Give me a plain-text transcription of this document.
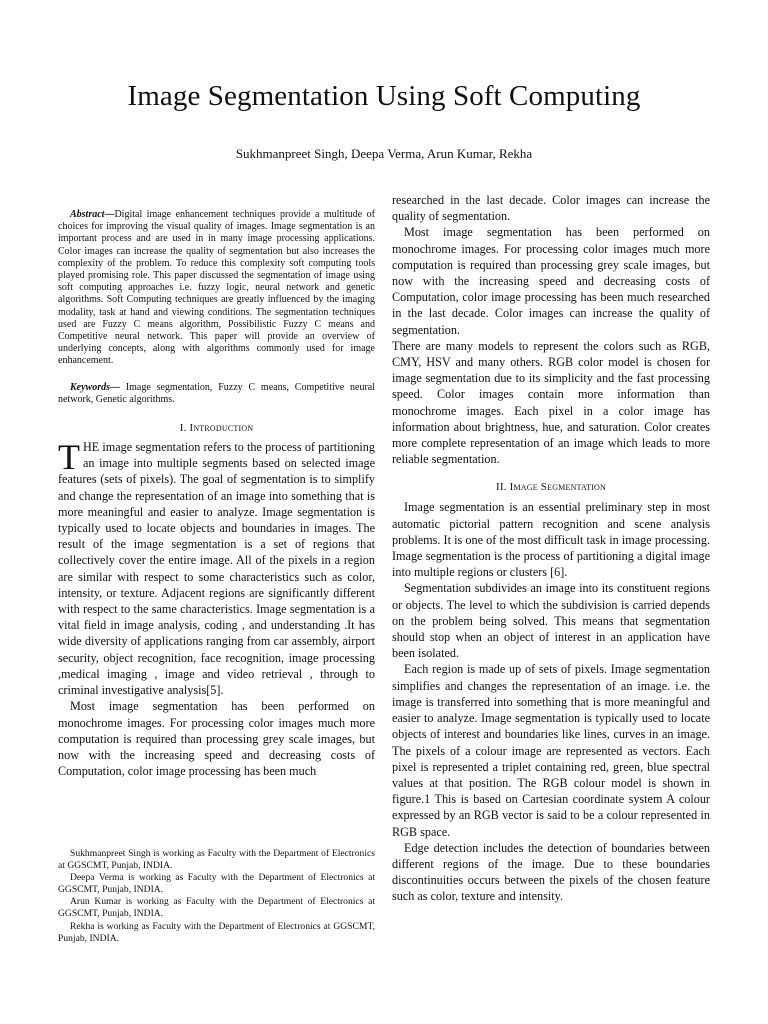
Image Segmentation Using Soft Computing

Sukhmanpreet Singh, Deepa Verma, Arun Kumar, Rekha

Abstract—Digital image enhancement techniques provide a multitude of choices for improving the visual quality of images. Image segmentation is an important process and are used in in many image processing applications. Color images can increase the quality of segmentation but also increases the complexity of the problem. To reduce this complexity soft computing tools played promising role. This paper discussed the segmentation of image using soft computing approaches i.e. fuzzy logic, neural network and genetic algorithms. Soft Computing techniques are greatly influenced by the imaging modality, task at hand and viewing conditions. The segmentation techniques used are Fuzzy C means algorithm, Possibilistic Fuzzy C means and Competitive neural network. This paper will provide an overview of underlying concepts, along with algorithms commonly used for image enhancement.

Keywords— Image segmentation, Fuzzy C means, Competitive neural network, Genetic algorithms.

I. Introduction

THE image segmentation refers to the process of partitioning an image into multiple segments based on selected image features (sets of pixels). The goal of segmentation is to simplify and change the representation of an image into something that is more meaningful and easier to analyze. Image segmentation is typically used to locate objects and boundaries in images. The result of the image segmentation is a set of regions that collectively cover the entire image. All of the pixels in a region are similar with respect to some characteristics such as color, intensity, or texture. Adjacent regions are significantly different with respect to the same characteristics. Image segmentation is a vital field in image analysis, coding , and understanding .It has wide diversity of applications ranging from car assembly, airport security, object recognition, face recognition, image processing ,medical imaging , image and video retrieval , through to criminal investigative analysis[5].

Most image segmentation has been performed on monochrome images. For processing color images much more computation is required than processing grey scale images, but now with the increasing speed and decreasing costs of Computation, color image processing has been much

Sukhmanpreet Singh is working as Faculty with the Department of Electronics at GGSCMT, Punjab, INDIA.

Deepa Verma is working as Faculty with the Department of Electronics at GGSCMT, Punjab, INDIA.

Arun Kumar is working as Faculty with the Department of Electronics at GGSCMT, Punjab, INDIA.

Rekha is working as Faculty with the Department of Electronics at GGSCMT, Punjab, INDIA.

researched in the last decade. Color images can increase the quality of segmentation.

Most image segmentation has been performed on monochrome images. For processing color images much more computation is required than processing grey scale images, but now with the increasing speed and decreasing costs of Computation, color image processing has been much researched in the last decade. Color images can increase the quality of segmentation.

There are many models to represent the colors such as RGB, CMY, HSV and many others. RGB color model is chosen for image segmentation due to its simplicity and the fast processing speed. Color images contain more information than monochrome images. Each pixel in a color image has information about brightness, hue, and saturation. Color creates more complete representation of an image which leads to more reliable segmentation.

II. Image Segmentation

Image segmentation is an essential preliminary step in most automatic pictorial pattern recognition and scene analysis problems. It is one of the most difficult task in image processing. Image segmentation is the process of partitioning a digital image into multiple regions or clusters [6].

Segmentation subdivides an image into its constituent regions or objects. The level to which the subdivision is carried depends on the problem being solved. This means that segmentation should stop when an object of interest in an application have been isolated.

Each region is made up of sets of pixels. Image segmentation simplifies and changes the representation of an image. i.e. the image is transferred into something that is more meaningful and easier to analyze. Image segmentation is typically used to locate objects of interest and boundaries like lines, curves in an image. The pixels of a colour image are represented as vectors. Each pixel is represented a triplet containing red, green, blue spectral values at that position. The RGB colour model is shown in figure.1 This is based on Cartesian coordinate system A colour expressed by an RGB vector is said to be a colour represented in RGB space.

Edge detection includes the detection of boundaries between different regions of the image. Due to these boundaries discontinuities occurs between the pixels of the chosen feature such as color, texture and intensity.
